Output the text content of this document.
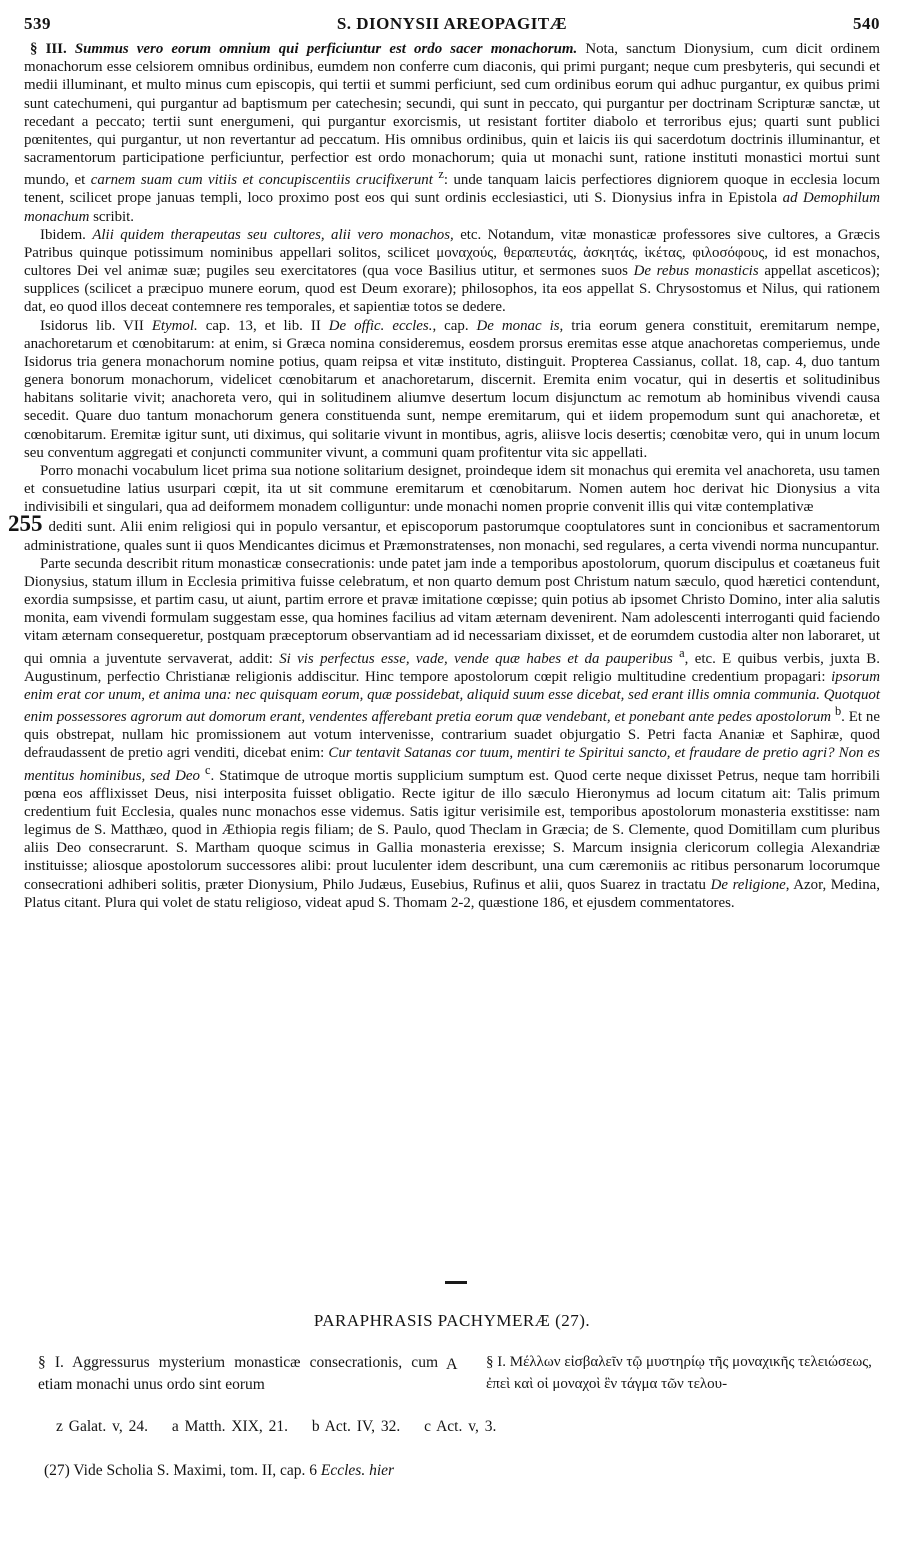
539	S. DIONYSII AREOPAGITÆ	540

§ III. Summus vero eorum omnium qui perficiuntur est ordo sacer monachorum. Nota, sanctum Dionysium, cum dicit ordinem monachorum esse celsiorem omnibus ordinibus, eumdem non conferre cum diaconis, qui primi purgant; neque cum presbyteris, qui secundi et medii illuminant, et multo minus cum episcopis, qui tertii et summi perficiunt, sed cum ordinibus eorum qui adhuc purgantur, ex quibus primi sunt catechumeni, qui purgantur ad baptismum per catechesin; secundi, qui sunt in peccato, qui purgantur per doctrinam Scripturæ sanctæ, ut recedant a peccato; tertii sunt energumeni, qui purgantur exorcismis, ut resistant fortiter diabolo et terroribus ejus; quarti sunt publici pœnitentes, qui purgantur, ut non revertantur ad peccatum. His omnibus ordinibus, quin et laicis iis qui sacerdotum doctrinis illuminantur, et sacramentorum participatione perficiuntur, perfectior est ordo monachorum; quia ut monachi sunt, ratione instituti monastici mortui sunt mundo, et carnem suam cum vitiis et concupiscentiis crucifixerunt $^z$: unde tanquam laicis perfectiores digniorem quoque in ecclesia locum tenent, scilicet prope januas templi, loco proximo post eos qui sunt ordinis ecclesiastici, uti S. Dionysius infra in Epistola ad Demophilum monachum scribit.

Ibidem. Alii quidem therapeutas seu cultores, alii vero monachos, etc. Notandum, vitæ monasticæ professores sive cultores, a Græcis Patribus quinque potissimum nominibus appellari solitos, scilicet μοναχούς, θεραπευτάς, ἀσκητάς, ἱκέτας, φιλοσόφους, id est monachos, cultores Dei vel animæ suæ; pugiles seu exercitatores (qua voce Basilius utitur, et sermones suos De rebus monasticis appellat asceticos); supplices (scilicet a præcipuo munere eorum, quod est Deum exorare); philosophos, ita eos appellat S. Chrysostomus et Nilus, qui rationem dat, eo quod illos deceat contemnere res temporales, et sapientiæ totos se dedere.

Isidorus lib. VII Etymol. cap. 13, et lib. II De offic. eccles., cap. De monac is, tria eorum genera constituit, eremitarum nempe, anachoretarum et cœnobitarum: at enim, si Græca nomina consideremus, eosdem prorsus eremitas esse atque anachoretas comperiemus, unde Isidorus tria genera monachorum nomine potius, quam reipsa et vitæ instituto, distinguit. Propterea Cassianus, collat. 18, cap. 4, duo tantum genera bonorum monachorum, videlicet cœnobitarum et anachoretarum, discernit. Eremita enim vocatur, qui in desertis et solitudinibus habitans solitarie vivit; anachoreta vero, qui in solitudinem aliumve desertum locum disjunctum ac remotum ab hominibus vivendi causa secedit. Quare duo tantum monachorum genera constituenda sunt, nempe eremitarum, qui et iidem propemodum sunt qui anachoretæ, et cœnobitarum. Eremitæ igitur sunt, uti diximus, qui solitarie vivunt in montibus, agris, aliisve locis desertis; cœnobitæ vero, qui in unum locum seu conventum aggregati et conjuncti communiter vivunt, a communi quam profitentur vita sic appellati.

Porro monachi vocabulum licet prima sua notione solitarium designet, proindeque idem sit monachus qui eremita vel anachoreta, usu tamen et consuetudine latius usurpari cœpit, ita ut sit commune eremitarum et cœnobitarum. Nomen autem hoc derivat hic Dionysius a vita indivisibili et singulari, qua ad deiformem monadem colliguntur: unde monachi nomen proprie convenit illis qui vitæ contemplativæ
255 dediti sunt. Alii enim religiosi qui in populo versantur, et episcoporum pastorumque cooptulatores sunt in concionibus et sacramentorum administratione, quales sunt ii quos Mendicantes dicimus et Præmonstratenses, non monachi, sed regulares, a certa vivendi norma nuncupantur.

Parte secunda describit ritum monasticæ consecrationis: unde patet jam inde a temporibus apostolorum, quorum discipulus et coætaneus fuit Dionysius, statum illum in Ecclesia primitiva fuisse celebratum, et non quarto demum post Christum natum sæculo, quod hæretici contendunt, exordia sumpsisse, et partim casu, ut aiunt, partim errore et pravæ imitatione cœpisse; quin potius ab ipsomet Christo Domino, inter alia salutis monita, eam vivendi formulam suggestam esse, qua homines facilius ad vitam æternam devenirent. Nam adolescenti interroganti quid faciendo vitam æternam consequeretur, postquam præceptorum observantiam ad id necessariam dixisset, et de eorumdem custodia alter non laboraret, ut qui omnia a juventute servaverat, addit: Si vis perfectus esse, vade, vende quæ habes et da pauperibus $^a$, etc. E quibus verbis, juxta B. Augustinum, perfectio Christianæ religionis addiscitur. Hinc tempore apostolorum cœpit religio multitudine credentium propagari: ipsorum enim erat cor unum, et anima una: nec quisquam eorum, quæ possidebat, aliquid suum esse dicebat, sed erant illis omnia communia. Quotquot enim possessores agrorum aut domorum erant, vendentes afferebant pretia eorum quæ vendebant, et ponebant ante pedes apostolorum $^b$. Et ne quis obstrepat, nullam hic promissionem aut votum intervenisse, contrarium suadet objurgatio S. Petri facta Ananiæ et Saphiræ, quod defraudassent de pretio agri venditi, dicebat enim: Cur tentavit Satanas cor tuum, mentiri te Spiritui sancto, et fraudare de pretio agri? Non es mentitus hominibus, sed Deo $^c$. Statimque de utroque mortis supplicium sumptum est. Quod certe neque dixisset Petrus, neque tam horribili pœna eos afflixisset Deus, nisi interposita fuisset obligatio. Recte igitur de illo sæculo Hieronymus ad locum citatum ait: Talis primum credentium fuit Ecclesia, quales nunc monachos esse videmus. Satis igitur verisimile est, temporibus apostolorum monasteria exstitisse: nam legimus de S. Matthæo, quod in Æthiopia regis filiam; de S. Paulo, quod Theclam in Græcia; de S. Clemente, quod Domitillam cum pluribus aliis Deo consecrarunt. S. Martham quoque scimus in Gallia monasteria erexisse; S. Marcum insignia clericorum collegia Alexandriæ instituisse; aliosque apostolorum successores alibi: prout luculenter idem describunt, una cum cæremoniis ac ritibus personarum locorumque consecrationi adhiberi solitis, præter Dionysium, Philo Judæus, Eusebius, Rufinus et alii, quos Suarez in tractatu De religione, Azor, Medina, Platus citant. Plura qui volet de statu religioso, videat apud S. Thomam 2-2, quæstione 186, et ejusdem commentatores.

PARAPHRASIS PACHYMERÆ (27).

§ I. Aggressurus mysterium monasticæ consecrationis, cum etiam monachi unus ordo sint eorum

A § I. Μέλλων εἰσβαλεῖν τῷ μυστηρίῳ τῆς μοναχικῆς τελειώσεως, ἐπεὶ καὶ οἱ μοναχοὶ ἓν τάγμα τῶν τελου-

z Galat. v, 24. a Matth. XIX, 21. b Act. IV, 32. c Act. v, 3.
(27) Vide Scholia S. Maximi, tom. II, cap. 6 Eccles. hier
